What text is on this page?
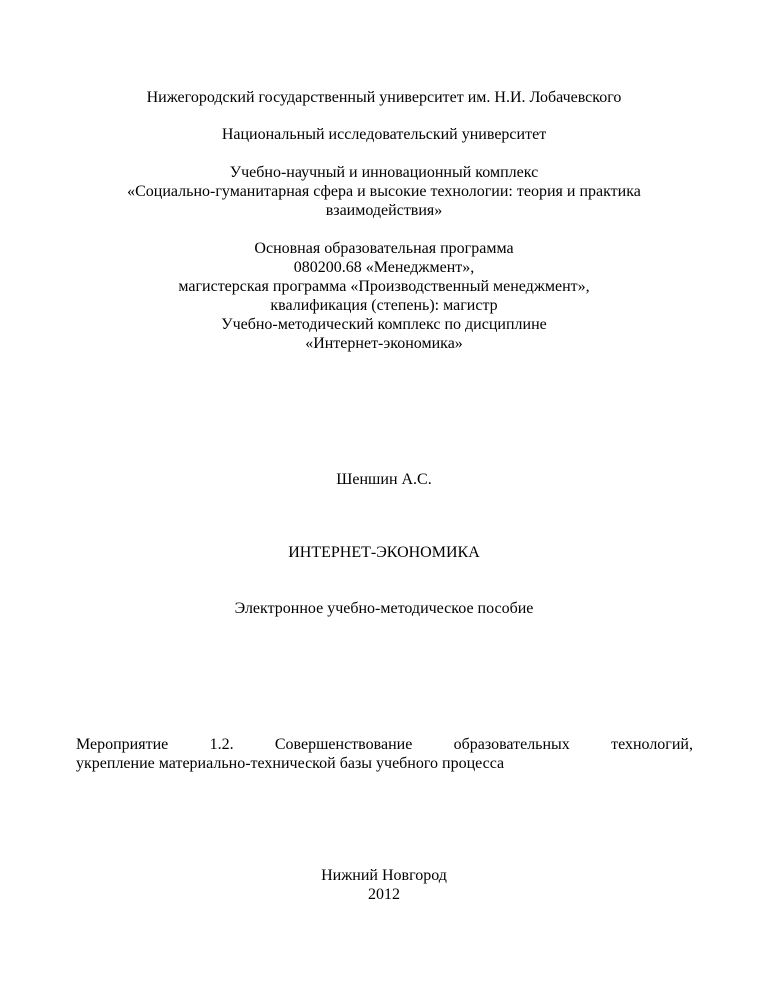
Нижегородский государственный университет им. Н.И. Лобачевского
Национальный исследовательский университет
Учебно-научный и инновационный комплекс
«Социально-гуманитарная сфера и высокие технологии: теория и практика
взаимодействия»
Основная образовательная программа
080200.68 «Менеджмент»,
магистерская программа «Производственный менеджмент»,
квалификация (степень): магистр
Учебно-методический комплекс по дисциплине
«Интернет-экономика»
Шеншин А.С.
ИНТЕРНЕТ-ЭКОНОМИКА
Электронное учебно-методическое пособие
Мероприятие	1.2.	Совершенствование	образовательных	технологий,
укрепление материально-технической базы учебного процесса
Нижний Новгород
2012
